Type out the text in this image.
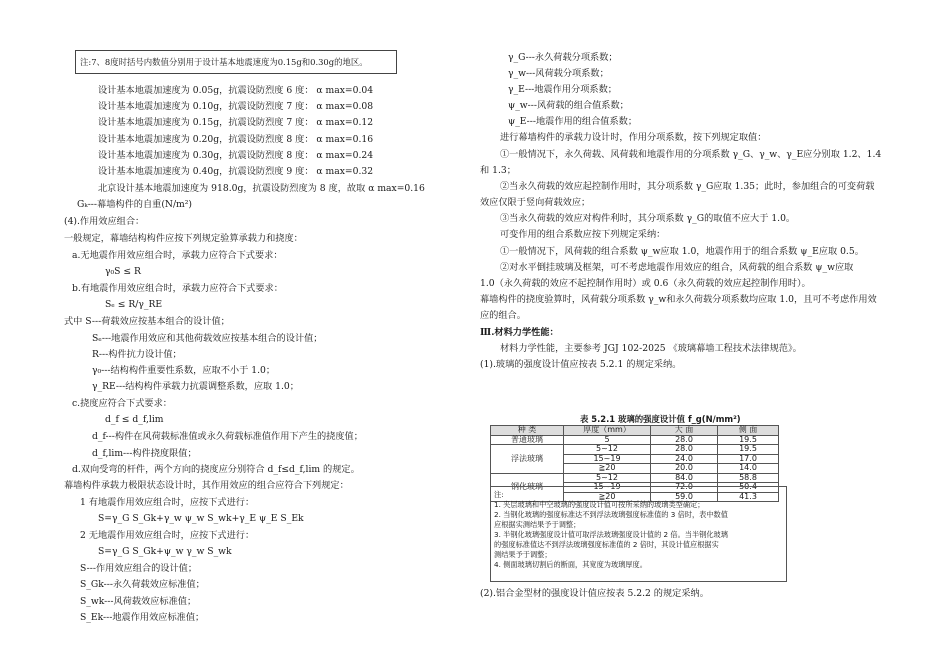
注:7、8度时括号内数值分别用于设计基本地震速度为0.15g和0.30g的地区。
设计基本地震加速度为 0.05g，抗震设防烈度 6 度： α max=0.04
设计基本地震加速度为 0.10g，抗震设防烈度 7 度： α max=0.08
设计基本地震加速度为 0.15g，抗震设防烈度 7 度： α max=0.12
设计基本地震加速度为 0.20g，抗震设防烈度 8 度： α max=0.16
设计基本地震加速度为 0.30g，抗震设防烈度 8 度： α max=0.24
设计基本地震加速度为 0.40g，抗震设防烈度 9 度： α max=0.32
北京设计基本地震加速度为 918.0g，抗震设防烈度为 8 度，故取 α max=0.16
Gₖ---幕墙构件的自重(N/m²)
(4).作用效应组合：
一般规定，幕墙结构构件应按下列规定验算承载力和挠度：
a.无地震作用效应组合时，承载力应符合下式要求：
γ₀S ≤ R
b.有地震作用效应组合时，承载力应符合下式要求：
Sₑ ≤ R/γ_RE
式中 S---荷载效应按基本组合的设计值；
Sₑ---地震作用效应和其他荷载效应按基本组合的设计值；
R---构件抗力设计值；
γ₀---结构构件重要性系数，应取不小于 1.0；
γ_RE---结构构件承载力抗震调整系数，应取 1.0；
c.挠度应符合下式要求：
d_f ≤ d_f,lim
d_f---构件在风荷载标准值或永久荷载标准值作用下产生的挠度值；
d_f,lim---构件挠度限值；
d.双向受弯的杆件，两个方向的挠度应分别符合 d_f≤d_f,lim 的规定。
幕墙构件承载力极限状态设计时，其作用效应的组合应符合下列规定：
1 有地震作用效应组合时，应按下式进行：
S=γ_G S_Gk+γ_w ψ_w S_wk+γ_E ψ_E S_Ek
2 无地震作用效应组合时，应按下式进行：
S=γ_G S_Gk+ψ_w γ_w S_wk
S---作用效应组合的设计值；
S_Gk---永久荷载效应标准值；
S_wk---风荷载效应标准值；
S_Ek---地震作用效应标准值；
γ_G---永久荷载分项系数；
γ_w---风荷载分项系数；
γ_E---地震作用分项系数；
ψ_w---风荷载的组合值系数；
ψ_E---地震作用的组合值系数；
进行幕墙构件的承载力设计时，作用分项系数，按下列规定取值：
①一般情况下，永久荷载、风荷载和地震作用的分项系数 γ_G、γ_w、γ_E应分别取 1.2、1.4
和 1.3；
②当永久荷载的效应起控制作用时，其分项系数 γ_G应取 1.35；此时，参加组合的可变荷载
效应仅限于竖向荷载效应；
③当永久荷载的效应对构件利时，其分项系数 γ_G的取值不应大于 1.0。
可变作用的组合系数应按下列规定采纳：
①一般情况下，风荷载的组合系数 ψ_w应取 1.0，地震作用于的组合系数 ψ_E应取 0.5。
②对水平倒挂玻璃及框架，可不考虑地震作用效应的组合，风荷载的组合系数 ψ_w应取
1.0（永久荷载的效应不起控制作用时）或 0.6（永久荷载的效应起控制作用时）。
幕墙构件的挠度验算时，风荷载分项系数 γ_w和永久荷载分项系数均应取 1.0，且可不考虑作用效
应的组合。
Ⅲ.材料力学性能：
材料力学性能，主要参考 JGJ 102-2025 《玻璃幕墙工程技术法律规范》。
(1).玻璃的强度设计值应按表 5.2.1 的规定采纳。
表 5.2.1 玻璃的强度设计值 f_g(N/mm²)
种 类	厚度（mm）	大 面	侧 面
普通玻璃	5	28.0	19.5
浮法玻璃	5~12	28.0	19.5
	15~19	24.0	17.0
	≧20	20.0	14.0
钢化玻璃	5~12	84.0	58.8
	15~19	72.0	50.4
	≧20	59.0	41.3
注:
1. 夹层玻璃和中空玻璃的强度设计值可按所采纳的玻璃类型确定；
2. 当钢化玻璃的强度标准达不到浮法玻璃强度标准值的 3 倍时，表中数值
应根据实测结果予于调整；
3. 半钢化玻璃强度设计值可取浮法玻璃强度设计值的 2 倍。当半钢化玻璃
的强度标准值达不到浮法玻璃强度标准值的 2 倍时，其设计值应根据实
测结果予于调整；
4. 侧面玻璃切割后的断面，其宽度为玻璃厚度。
(2).铝合金型材的强度设计值应按表 5.2.2 的规定采纳。
